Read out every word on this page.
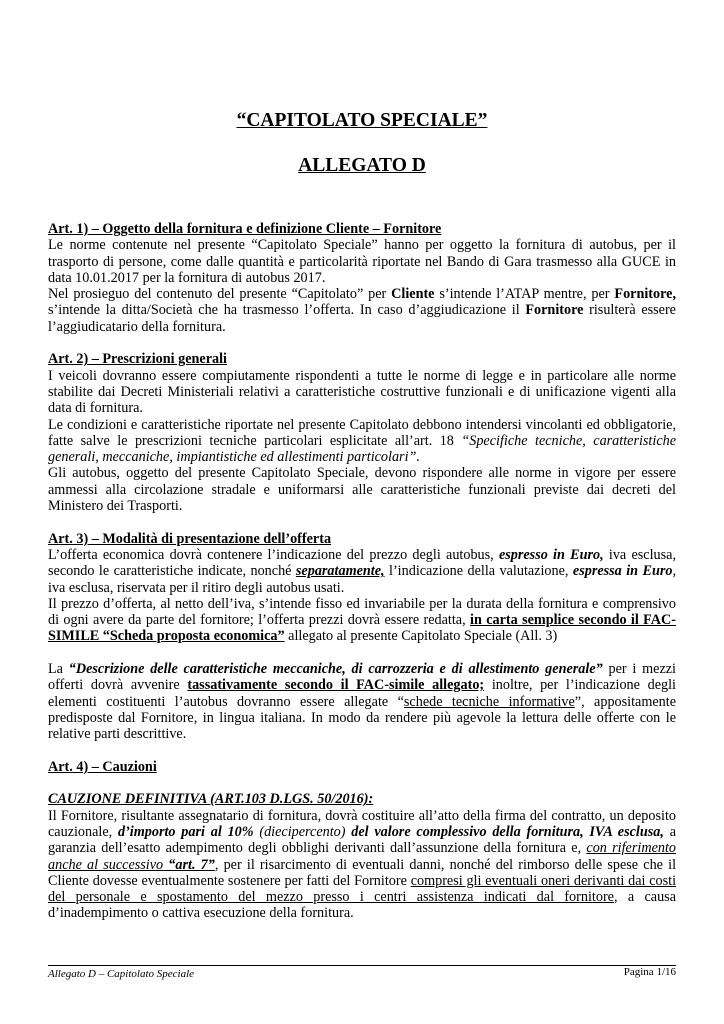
“CAPITOLATO SPECIALE”
ALLEGATO D
Art. 1) – Oggetto della fornitura e definizione Cliente – Fornitore

Le norme contenute nel presente “Capitolato Speciale” hanno per oggetto la fornitura di autobus, per il trasporto di persone, come dalle quantità e particolarità riportate nel Bando di Gara trasmesso alla GUCE in data 10.01.2017 per la fornitura di autobus 2017.

Nel prosieguo del contenuto del presente “Capitolato” per Cliente s’intende l’ATAP mentre, per Fornitore, s’intende la ditta/Società che ha trasmesso l’offerta. In caso d’aggiudicazione il Fornitore risulterà essere l’aggiudicatario della fornitura.

Art. 2) – Prescrizioni generali

I veicoli dovranno essere compiutamente rispondenti a tutte le norme di legge e in particolare alle norme stabilite dai Decreti Ministeriali relativi a caratteristiche costruttive funzionali e di unificazione vigenti alla data di fornitura.

Le condizioni e caratteristiche riportate nel presente Capitolato debbono intendersi vincolanti ed obbligatorie, fatte salve le prescrizioni tecniche particolari esplicitate all’art. 18 “Specifiche tecniche, caratteristiche generali, meccaniche, impiantistiche ed allestimenti particolari”.

Gli autobus, oggetto del presente Capitolato Speciale, devono rispondere alle norme in vigore per essere ammessi alla circolazione stradale e uniformarsi alle caratteristiche funzionali previste dai decreti del Ministero dei Trasporti.

Art. 3) – Modalità di presentazione dell’offerta

L’offerta economica dovrà contenere l’indicazione del prezzo degli autobus, espresso in Euro, iva esclusa, secondo le caratteristiche indicate, nonché separatamente, l’indicazione della valutazione, espressa in Euro, iva esclusa, riservata per il ritiro degli autobus usati.

Il prezzo d’offerta, al netto dell’iva, s’intende fisso ed invariabile per la durata della fornitura e comprensivo di ogni avere da parte del fornitore; l’offerta prezzi dovrà essere redatta, in carta semplice secondo il FAC-SIMILE “Scheda proposta economica” allegato al presente Capitolato Speciale (All. 3)

La “Descrizione delle caratteristiche meccaniche, di carrozzeria e di allestimento generale” per i mezzi offerti dovrà avvenire tassativamente secondo il FAC-simile allegato; inoltre, per l’indicazione degli elementi costituenti l’autobus dovranno essere allegate “schede tecniche informative”, appositamente predisposte dal Fornitore, in lingua italiana. In modo da rendere più agevole la lettura delle offerte con le relative parti descrittive.

Art. 4) – Cauzioni
CAUZIONE DEFINITIVA (ART.103 D.LGS. 50/2016):

Il Fornitore, risultante assegnatario di fornitura, dovrà costituire all’atto della firma del contratto, un deposito cauzionale, d’importo pari al 10% (diecipercento) del valore complessivo della fornitura, IVA esclusa, a garanzia dell’esatto adempimento degli obblighi derivanti dall’assunzione della fornitura e, con riferimento anche al successivo “art. 7”, per il risarcimento di eventuali danni, nonché del rimborso delle spese che il Cliente dovesse eventualmente sostenere per fatti del Fornitore compresi gli eventuali oneri derivanti dai costi del personale e spostamento del mezzo presso i centri assistenza indicati dal fornitore, a causa d’inadempimento o cattiva esecuzione della fornitura.

Allegato D – Capitolato Speciale	Pagina 1/16
